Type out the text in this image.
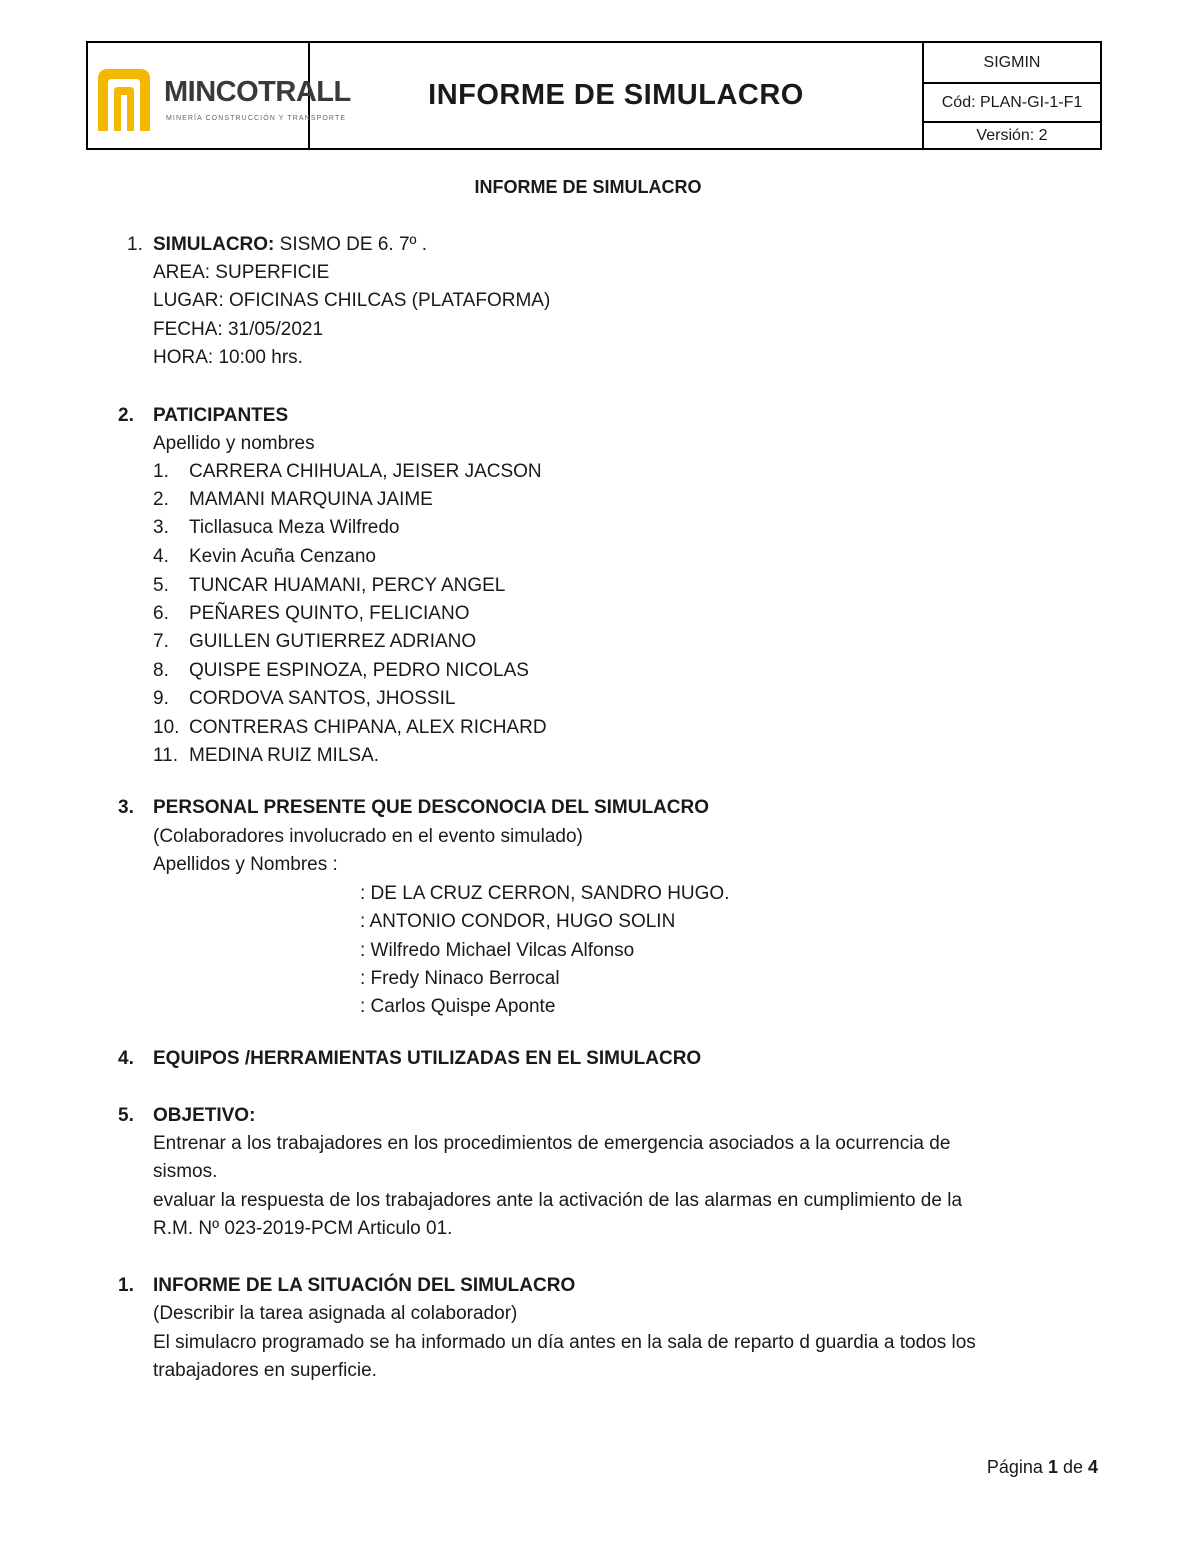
MINCOTRALL
MINERÍA CONSTRUCCIÓN Y TRANSPORTE
INFORME DE SIMULACRO
SIGMIN
Cód: PLAN-GI-1-F1
Versión: 2
INFORME DE SIMULACRO
1. SIMULACRO: SISMO DE 6. 7º .
AREA: SUPERFICIE
LUGAR: OFICINAS CHILCAS (PLATAFORMA)
FECHA: 31/05/2021
HORA: 10:00 hrs.
2. PATICIPANTES
Apellido y nombres
1. CARRERA CHIHUALA, JEISER JACSON
2. MAMANI MARQUINA JAIME
3. Ticllasuca Meza Wilfredo
4. Kevin Acuña Cenzano
5. TUNCAR HUAMANI, PERCY ANGEL
6. PEÑARES QUINTO, FELICIANO
7. GUILLEN GUTIERREZ ADRIANO
8. QUISPE ESPINOZA, PEDRO NICOLAS
9. CORDOVA SANTOS, JHOSSIL
10. CONTRERAS CHIPANA, ALEX RICHARD
11. MEDINA RUIZ MILSA.
3. PERSONAL PRESENTE QUE DESCONOCIA DEL SIMULACRO
(Colaboradores involucrado en el evento simulado)
Apellidos y Nombres :
: DE LA CRUZ CERRON, SANDRO HUGO.
: ANTONIO CONDOR, HUGO SOLIN
: Wilfredo Michael Vilcas Alfonso
: Fredy Ninaco Berrocal
: Carlos Quispe Aponte
4. EQUIPOS /HERRAMIENTAS UTILIZADAS EN EL SIMULACRO
5. OBJETIVO:
Entrenar a los trabajadores en los procedimientos de emergencia asociados a la ocurrencia de
sismos.
evaluar la respuesta de los trabajadores ante la activación de las alarmas en cumplimiento de la
R.M. Nº 023-2019-PCM Articulo 01.
1. INFORME DE LA SITUACIÓN DEL SIMULACRO
(Describir la tarea asignada al colaborador)
El simulacro programado se ha informado un día antes en la sala de reparto d guardia a todos los
trabajadores en superficie.
Página 1 de 4
